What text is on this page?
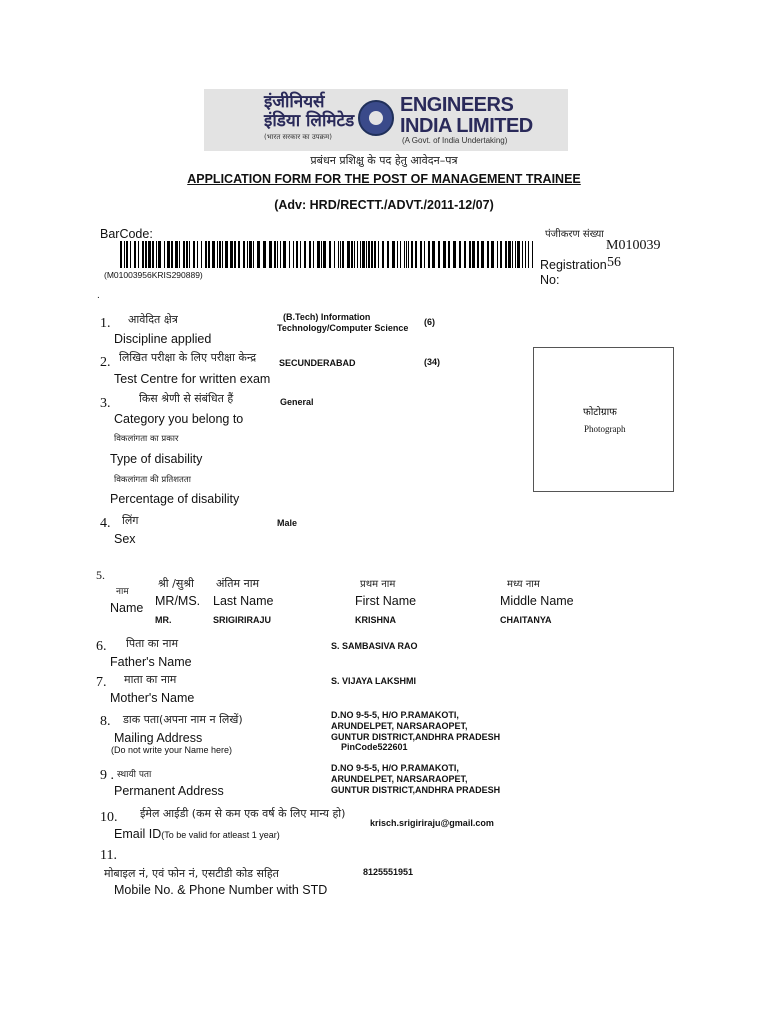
इंजीनियर्स
इंडिया लिमिटेड
(भारत सरकार का उपक्रम)
ENGINEERS
INDIA LIMITED
(A Govt. of India Undertaking)
प्रबंधन प्रशिक्षु के पद हेतु आवेदन–पत्र
APPLICATION FORM FOR THE POST OF MANAGEMENT TRAINEE
(Adv: HRD/RECTT./ADVT./2011-12/07)
BarCode:
(M01003956KRIS290889)
पंजीकरण संख्या
M010039
Registration 56
No:
.
फोटोग्राफ
Photograph
1. आवेदित क्षेत्र
Discipline applied
(B.Tech) Information
Technology/Computer Science
(6)
2. लिखित परीक्षा के लिए परीक्षा केन्द्र
Test Centre for written exam
SECUNDERABAD	(34)
3.	किस श्रेणी से संबंधित हैं
Category you belong to
General
विकलांगता का प्रकार
Type of disability
विकलांगता की प्रतिशतता
Percentage of disability
4. लिंग
Sex
Male
5.
नाम
Name
श्री /सुश्री
MR/MS.
MR.
अंतिम नाम
Last Name
SRIGIRIRAJU
प्रथम नाम
First Name
KRISHNA
मध्य नाम
Middle Name
CHAITANYA
6. पिता का नाम
Father's Name
S. SAMBASIVA RAO
7. माता का नाम
Mother's Name
S. VIJAYA LAKSHMI
8. डाक पता(अपना नाम न लिखें)
Mailing Address
(Do not write your Name here)
D.NO 9-5-5, H/O P.RAMAKOTI,
ARUNDELPET, NARSARAOPET,
GUNTUR DISTRICT,ANDHRA PRADESH
PinCode522601
9 . स्थायी पता
Permanent Address
D.NO 9-5-5, H/O P.RAMAKOTI,
ARUNDELPET, NARSARAOPET,
GUNTUR DISTRICT,ANDHRA PRADESH
10. ईमेल आईडी (कम से कम एक वर्ष के लिए मान्य हो)
Email ID(To be valid for atleast 1 year)
krisch.srigiriraju@gmail.com
11.
मोबाइल नं, एवं फोन नं, एसटीडी कोड सहित
Mobile No. & Phone Number with STD
8125551951
